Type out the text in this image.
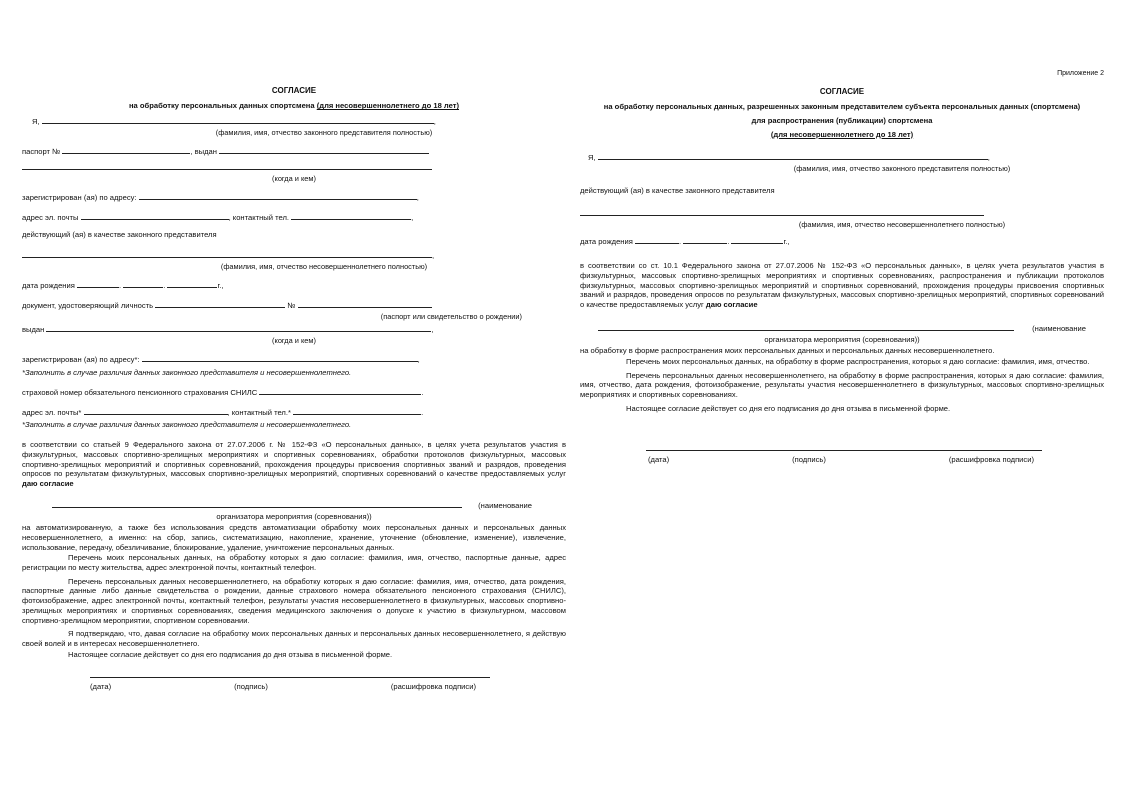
СОГЛАСИЕ
на обработку персональных данных спортсмена (для несовершеннолетнего до 18 лет)
Я,	,
(фамилия, имя, отчество законного представителя полностью)
паспорт №	, выдан
(когда и кем)
зарегистрирован (ая) по адресу:	,
адрес эл. почты	, контактный тел.	,
действующий (ая) в качестве законного представителя
,
(фамилия, имя, отчество несовершеннолетнего полностью)
дата рождения	.	.	г.,
документ, удостоверяющий личность	№
(паспорт или свидетельство о рождении)
выдан	,
(когда и кем)
зарегистрирован (ая) по адресу*:	,
*Заполнить в случае различия данных законного представителя и несовершеннолетнего.
страховой номер обязательного пенсионного страхования СНИЛС	.
адрес эл. почты*	, контактный тел.*	.
*Заполнить в случае различия данных законного представителя и несовершеннолетнего.
в соответствии со статьей 9 Федерального закона от 27.07.2006 г. № 152-ФЗ «О персональных данных», в целях учета результатов участия в физкультурных, массовых спортивно-зрелищных мероприятиях и спортивных соревнованиях, обработки протоколов физкультурных, массовых спортивно-зрелищных мероприятий и спортивных соревнований, прохождения процедуры присвоения спортивных званий и разрядов, проведения опросов по результатам физкультурных, массовых спортивно-зрелищных мероприятий, спортивных соревнований о качестве предоставляемых услуг даю согласие
(наименование
организатора мероприятия (соревнования))
на автоматизированную, а также без использования средств автоматизации обработку моих персональных данных и персональных данных несовершеннолетнего, а именно: на сбор, запись, систематизацию, накопление, хранение, уточнение (обновление, изменение), извлечение, использование, передачу, обезличивание, блокирование, удаление, уничтожение персональных данных.
Перечень моих персональных данных, на обработку которых я даю согласие: фамилия, имя, отчество, паспортные данные, адрес регистрации по месту жительства, адрес электронной почты, контактный телефон.
Перечень персональных данных несовершеннолетнего, на обработку которых я даю согласие: фамилия, имя, отчество, дата рождения, паспортные данные либо данные свидетельства о рождении, данные страхового номера обязательного пенсионного страхования (СНИЛС), фотоизображение, адрес электронной почты, контактный телефон, результаты участия несовершеннолетнего в физкультурных, массовых спортивно-зрелищных мероприятиях и спортивных соревнованиях, сведения медицинского заключения о допуске к участию в физкультурном, массовом спортивно-зрелищном мероприятии, спортивном соревновании.
Я подтверждаю, что, давая согласие на обработку моих персональных данных и персональных данных несовершеннолетнего, я действую своей волей и в интересах несовершеннолетнего.
Настоящее согласие действует со дня его подписания до дня отзыва в письменной форме.
(дата)	(подпись)	(расшифровка подписи)
Приложение 2
СОГЛАСИЕ
на обработку персональных данных, разрешенных законным представителем субъекта персональных данных (спортсмена)
для распространения (публикации) спортсмена
(для несовершеннолетнего до 18 лет)
Я,	,
(фамилия, имя, отчество законного представителя полностью)
действующий (ая) в качестве законного представителя
(фамилия, имя, отчество несовершеннолетнего полностью)
дата рождения	.	.	г.,
в соответствии со ст. 10.1 Федерального закона от 27.07.2006 № 152-ФЗ «О персональных данных», в целях учета результатов участия в физкультурных, массовых спортивно-зрелищных мероприятиях и спортивных соревнованиях, распространения и публикации протоколов физкультурных, массовых спортивно-зрелищных мероприятий и спортивных соревнований, прохождения процедуры присвоения спортивных званий и разрядов, проведения опросов по результатам физкультурных, массовых спортивно-зрелищных мероприятий, спортивных соревнований о качестве предоставляемых услуг даю согласие
(наименование
организатора мероприятия (соревнования))
на обработку в форме распространения моих персональных данных и персональных данных несовершеннолетнего.
Перечень моих персональных данных, на обработку в форме распространения, которых я даю согласие: фамилия, имя, отчество.
Перечень персональных данных несовершеннолетнего, на обработку в форме распространения, которых я даю согласие: фамилия, имя, отчество, дата рождения, фотоизображение, результаты участия несовершеннолетнего в физкультурных, массовых спортивно-зрелищных мероприятиях и спортивных соревнованиях.
Настоящее согласие действует со дня его подписания до дня отзыва в письменной форме.
(дата)	(подпись)	(расшифровка подписи)
